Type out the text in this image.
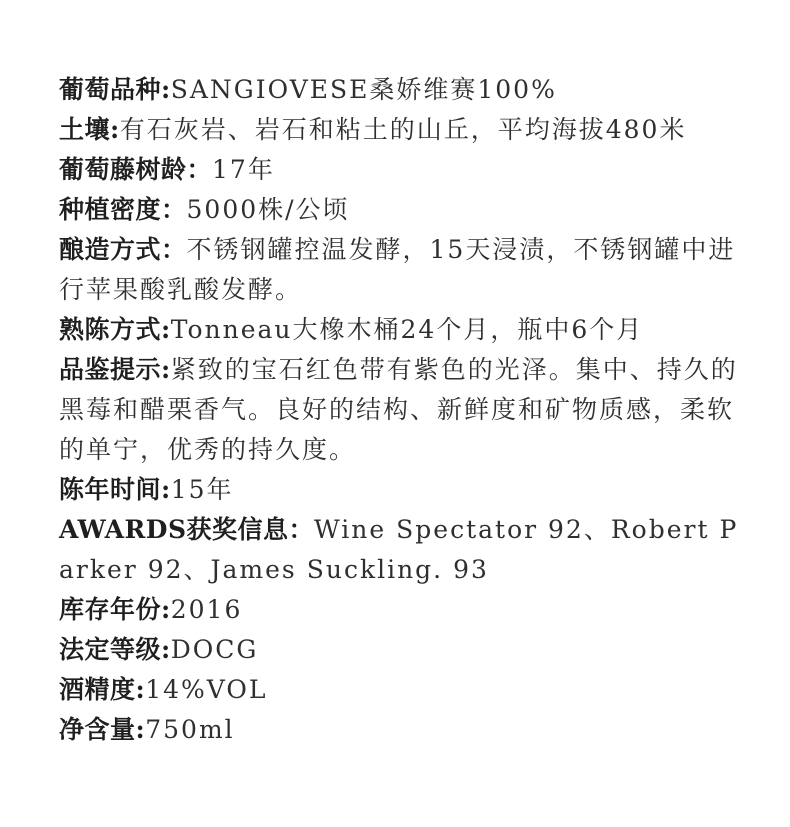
葡萄品种:SANGIOVESE桑娇维赛100%

土壤:有石灰岩、岩石和粘土的山丘，平均海拔480米

葡萄藤树龄：17年

种植密度：5000株/公顷

酿造方式：不锈钢罐控温发酵，15天浸渍，不锈钢罐中进行苹果酸乳酸发酵。

熟陈方式:Tonneau大橡木桶24个月，瓶中6个月

品鉴提示:紧致的宝石红色带有紫色的光泽。集中、持久的黑莓和醋栗香气。良好的结构、新鲜度和矿物质感，柔软的单宁，优秀的持久度。

陈年时间:15年

AWARDS获奖信息：Wine Spectator 92、Robert Parker 92、James Suckling. 93

库存年份:2016

法定等级:DOCG

酒精度:14%VOL

净含量:750ml
